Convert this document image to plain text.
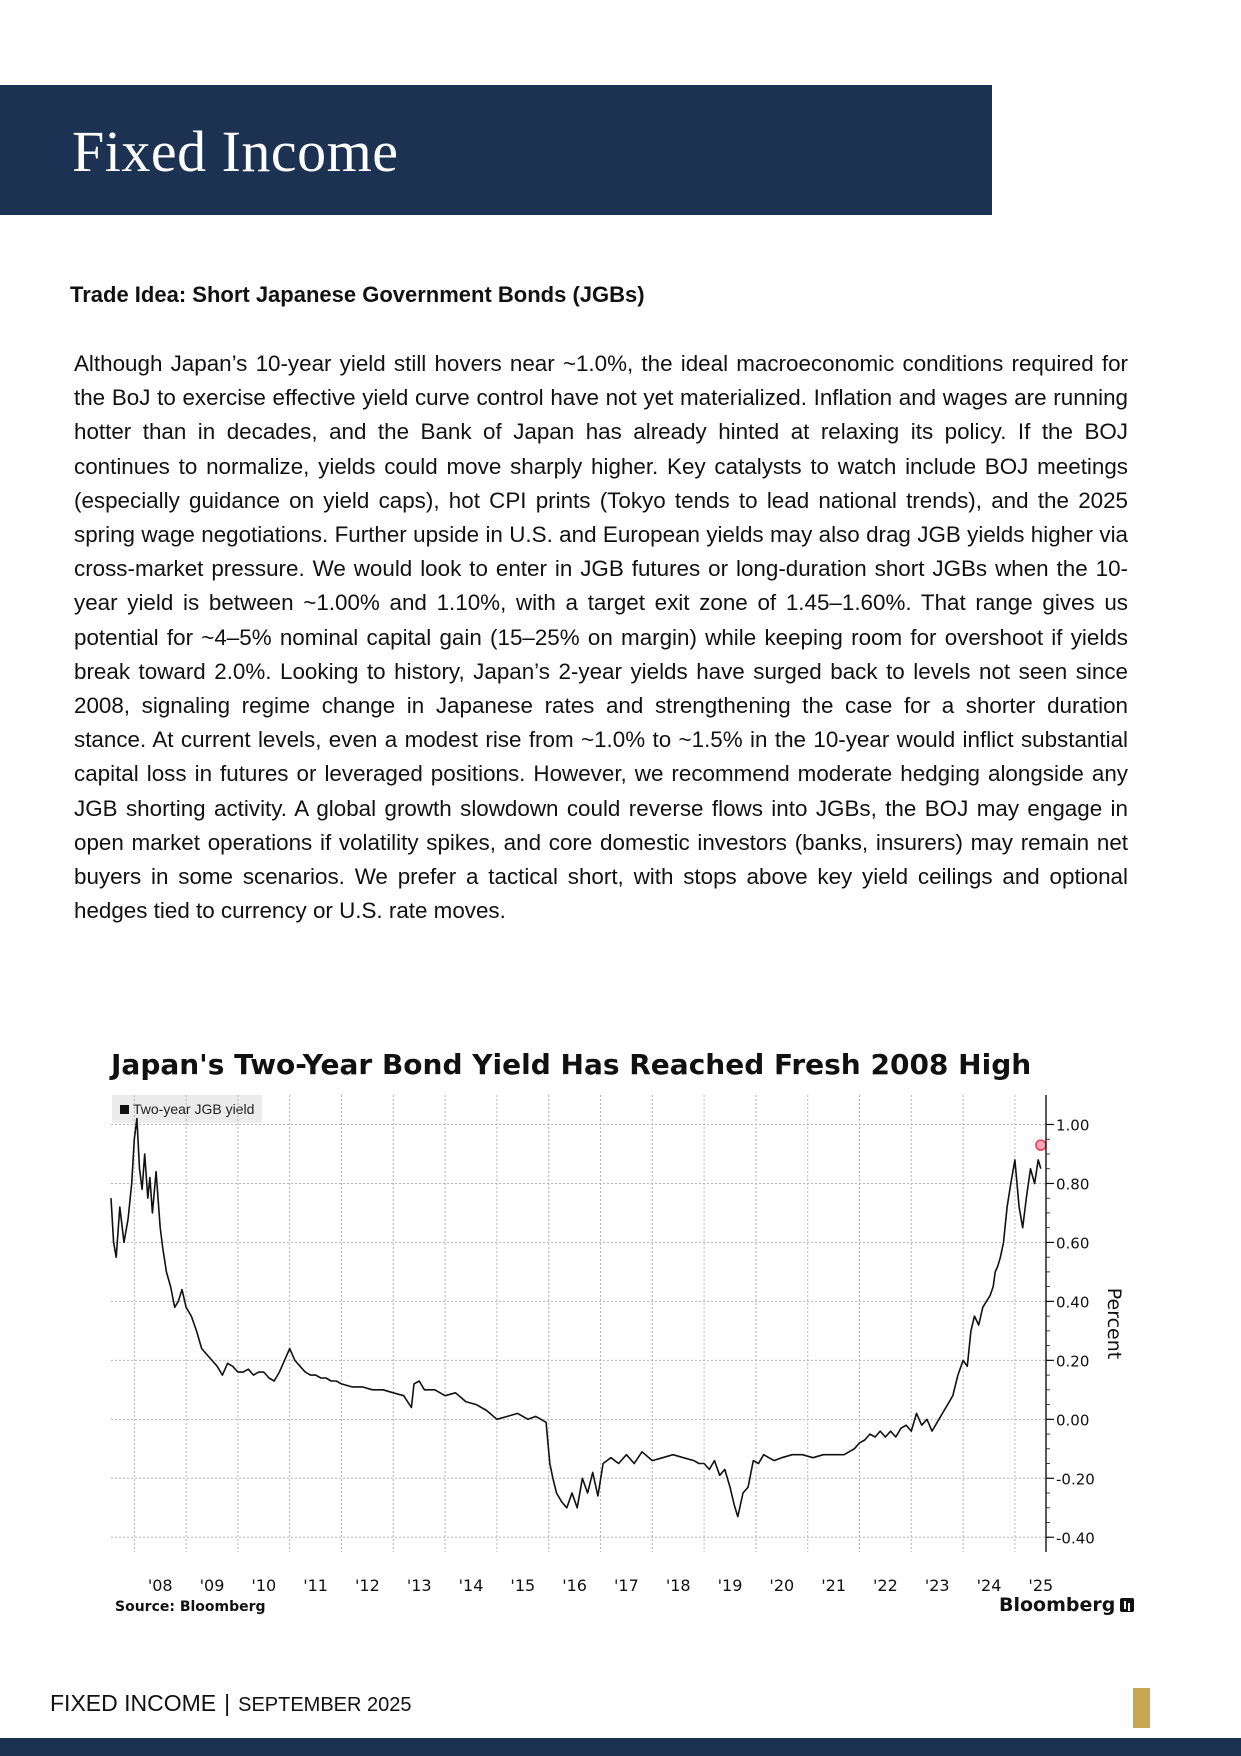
Fixed Income
Trade Idea: Short Japanese Government Bonds (JGBs)

Although Japan’s 10-year yield still hovers near ~1.0%, the ideal macroeconomic conditions required for the BoJ to exercise effective yield curve control have not yet materialized. Inflation and wages are running hotter than in decades, and the Bank of Japan has already hinted at relaxing its policy. If the BOJ continues to normalize, yields could move sharply higher. Key catalysts to watch include BOJ meetings (especially guidance on yield caps), hot CPI prints (Tokyo tends to lead national trends), and the 2025 spring wage negotiations. Further upside in U.S. and European yields may also drag JGB yields higher via cross-market pressure. We would look to enter in JGB futures or long-duration short JGBs when the 10-year yield is between ~1.00% and 1.10%, with a target exit zone of 1.45–1.60%. That range gives us potential for ~4–5% nominal capital gain (15–25% on margin) while keeping room for overshoot if yields break toward 2.0%. Looking to history, Japan’s 2-year yields have surged back to levels not seen since 2008, signaling regime change in Japanese rates and strengthening the case for a shorter duration stance. At current levels, even a modest rise from ~1.0% to ~1.5% in the 10-year would inflict substantial capital loss in futures or leveraged positions. However, we recommend moderate hedging alongside any JGB shorting activity. A global growth slowdown could reverse flows into JGBs, the BOJ may engage in open market operations if volatility spikes, and core domestic investors (banks, insurers) may remain net buyers in some scenarios. We prefer a tactical short, with stops above key yield ceilings and optional hedges tied to currency or U.S. rate moves.

Japan's Two-Year Bond Yield Has Reached Fresh 2008 High
Two-year JGB yield
1.00
0.80
0.60
0.40
0.20
0.00
-0.20
-0.40
'08 '09 '10 '11 '12 '13 '14 '15 '16 '17 '18 '19 '20 '21 '22 '23 '24 '25
Percent
Source: Bloomberg	Bloomberg
FIXED INCOME | SEPTEMBER 2025
